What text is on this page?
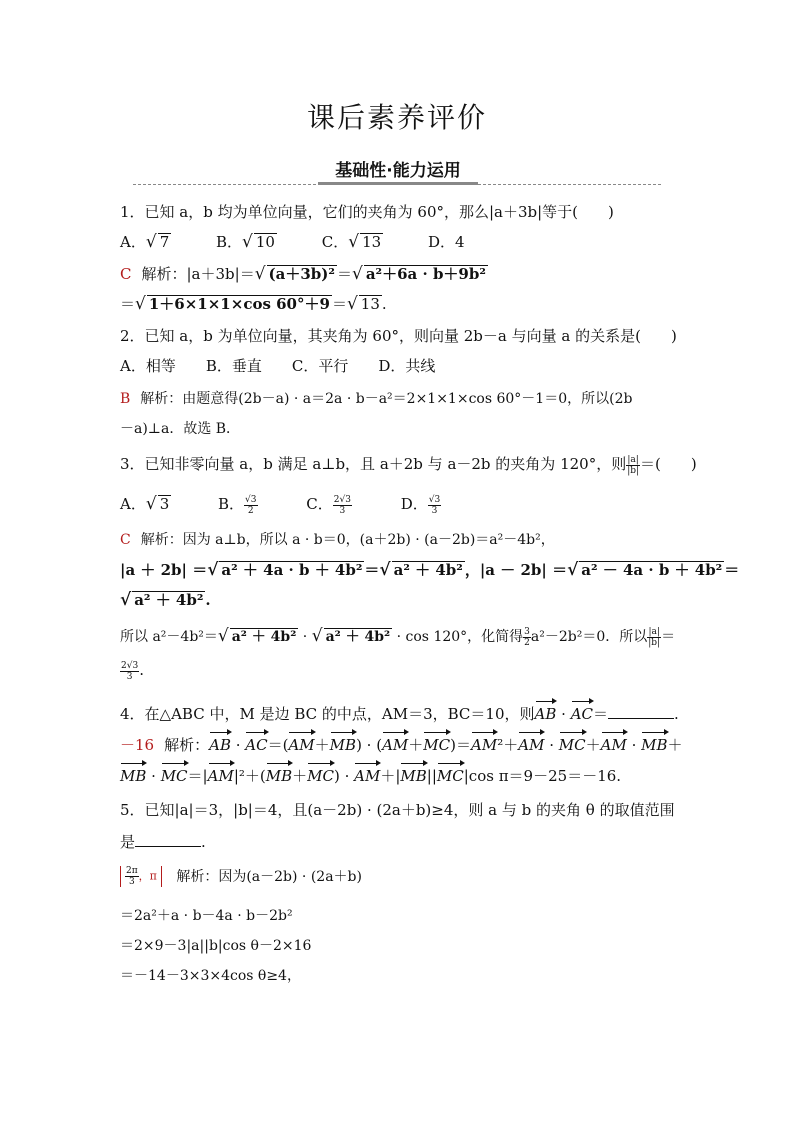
课后素养评价
基础性·能力运用
1．已知 a，b 均为单位向量，它们的夹角为 60°，那么|a＋3b|等于(　　)
A．√ 7	B．√ 10	C．√ 13	D．4
C 解析：|a＋3b|＝√ (a＋3b)² ＝√ a²＋6a · b＋9b²
＝√ 1＋6×1×1×cos 60°＋9 ＝√ 13 .
2．已知 a，b 为单位向量，其夹角为 60°，则向量 2b－a 与向量 a 的关系是(　　)
A．相等　　B．垂直　　C．平行　　D．共线
B 解析：由题意得(2b－a) · a＝2a · b－a²＝2×1×1×cos 60°－1＝0，所以(2b
－a)⊥a．故选 B．
3．已知非零向量 a，b 满足 a⊥b，且 a＋2b 与 a－2b 的夹角为 120°，则 $\frac{|a|}{|b|}$ ＝(　　)
A．√ 3	B． $\frac{√3}{2}$	C． $\frac{2√3}{3}$	D． $\frac{√3}{3}$
C 解析：因为 a⊥b，所以 a · b＝0，(a＋2b) · (a－2b)＝a²－4b²，
|a ＋ 2b| ＝√ a² ＋ 4a · b ＋ 4b² ＝√ a² ＋ 4b² ，|a － 2b| ＝√ a² － 4a · b ＋ 4b² ＝
√ a² ＋ 4b² .
所以 a²－4b²＝√ a² ＋ 4b² · √ a² ＋ 4b² · cos 120°，化简得 $\frac{3}{2} a^2-2b^2=0$．所以 $\frac{|a|}{|b|}$ ＝
$\frac{2√3}{3}$ .
4．在△ABC 中，M 是边 BC 的中点，AM＝3，BC＝10，则AB · AC＝	.
－16 解析：AB · AC＝(AM＋MB) · (AM＋MC)＝AM²＋AM · MC＋AM · MB＋
MB · MC＝|AM|²＋(MB＋MC) · AM＋|MB||MC|cos π＝9－25＝－16.
5．已知|a|＝3，|b|＝4，且(a－2b) · (2a＋b)≥4，则 a 与 b 的夹角 θ 的取值范围
是	.
$\frac{2\pi}{3}$ ，π 解析：因为(a－2b) · (2a＋b)
＝2a²＋a · b－4a · b－2b²
＝2×9－3|a||b|cos θ－2×16
＝－14－3×3×4cos θ≥4，
